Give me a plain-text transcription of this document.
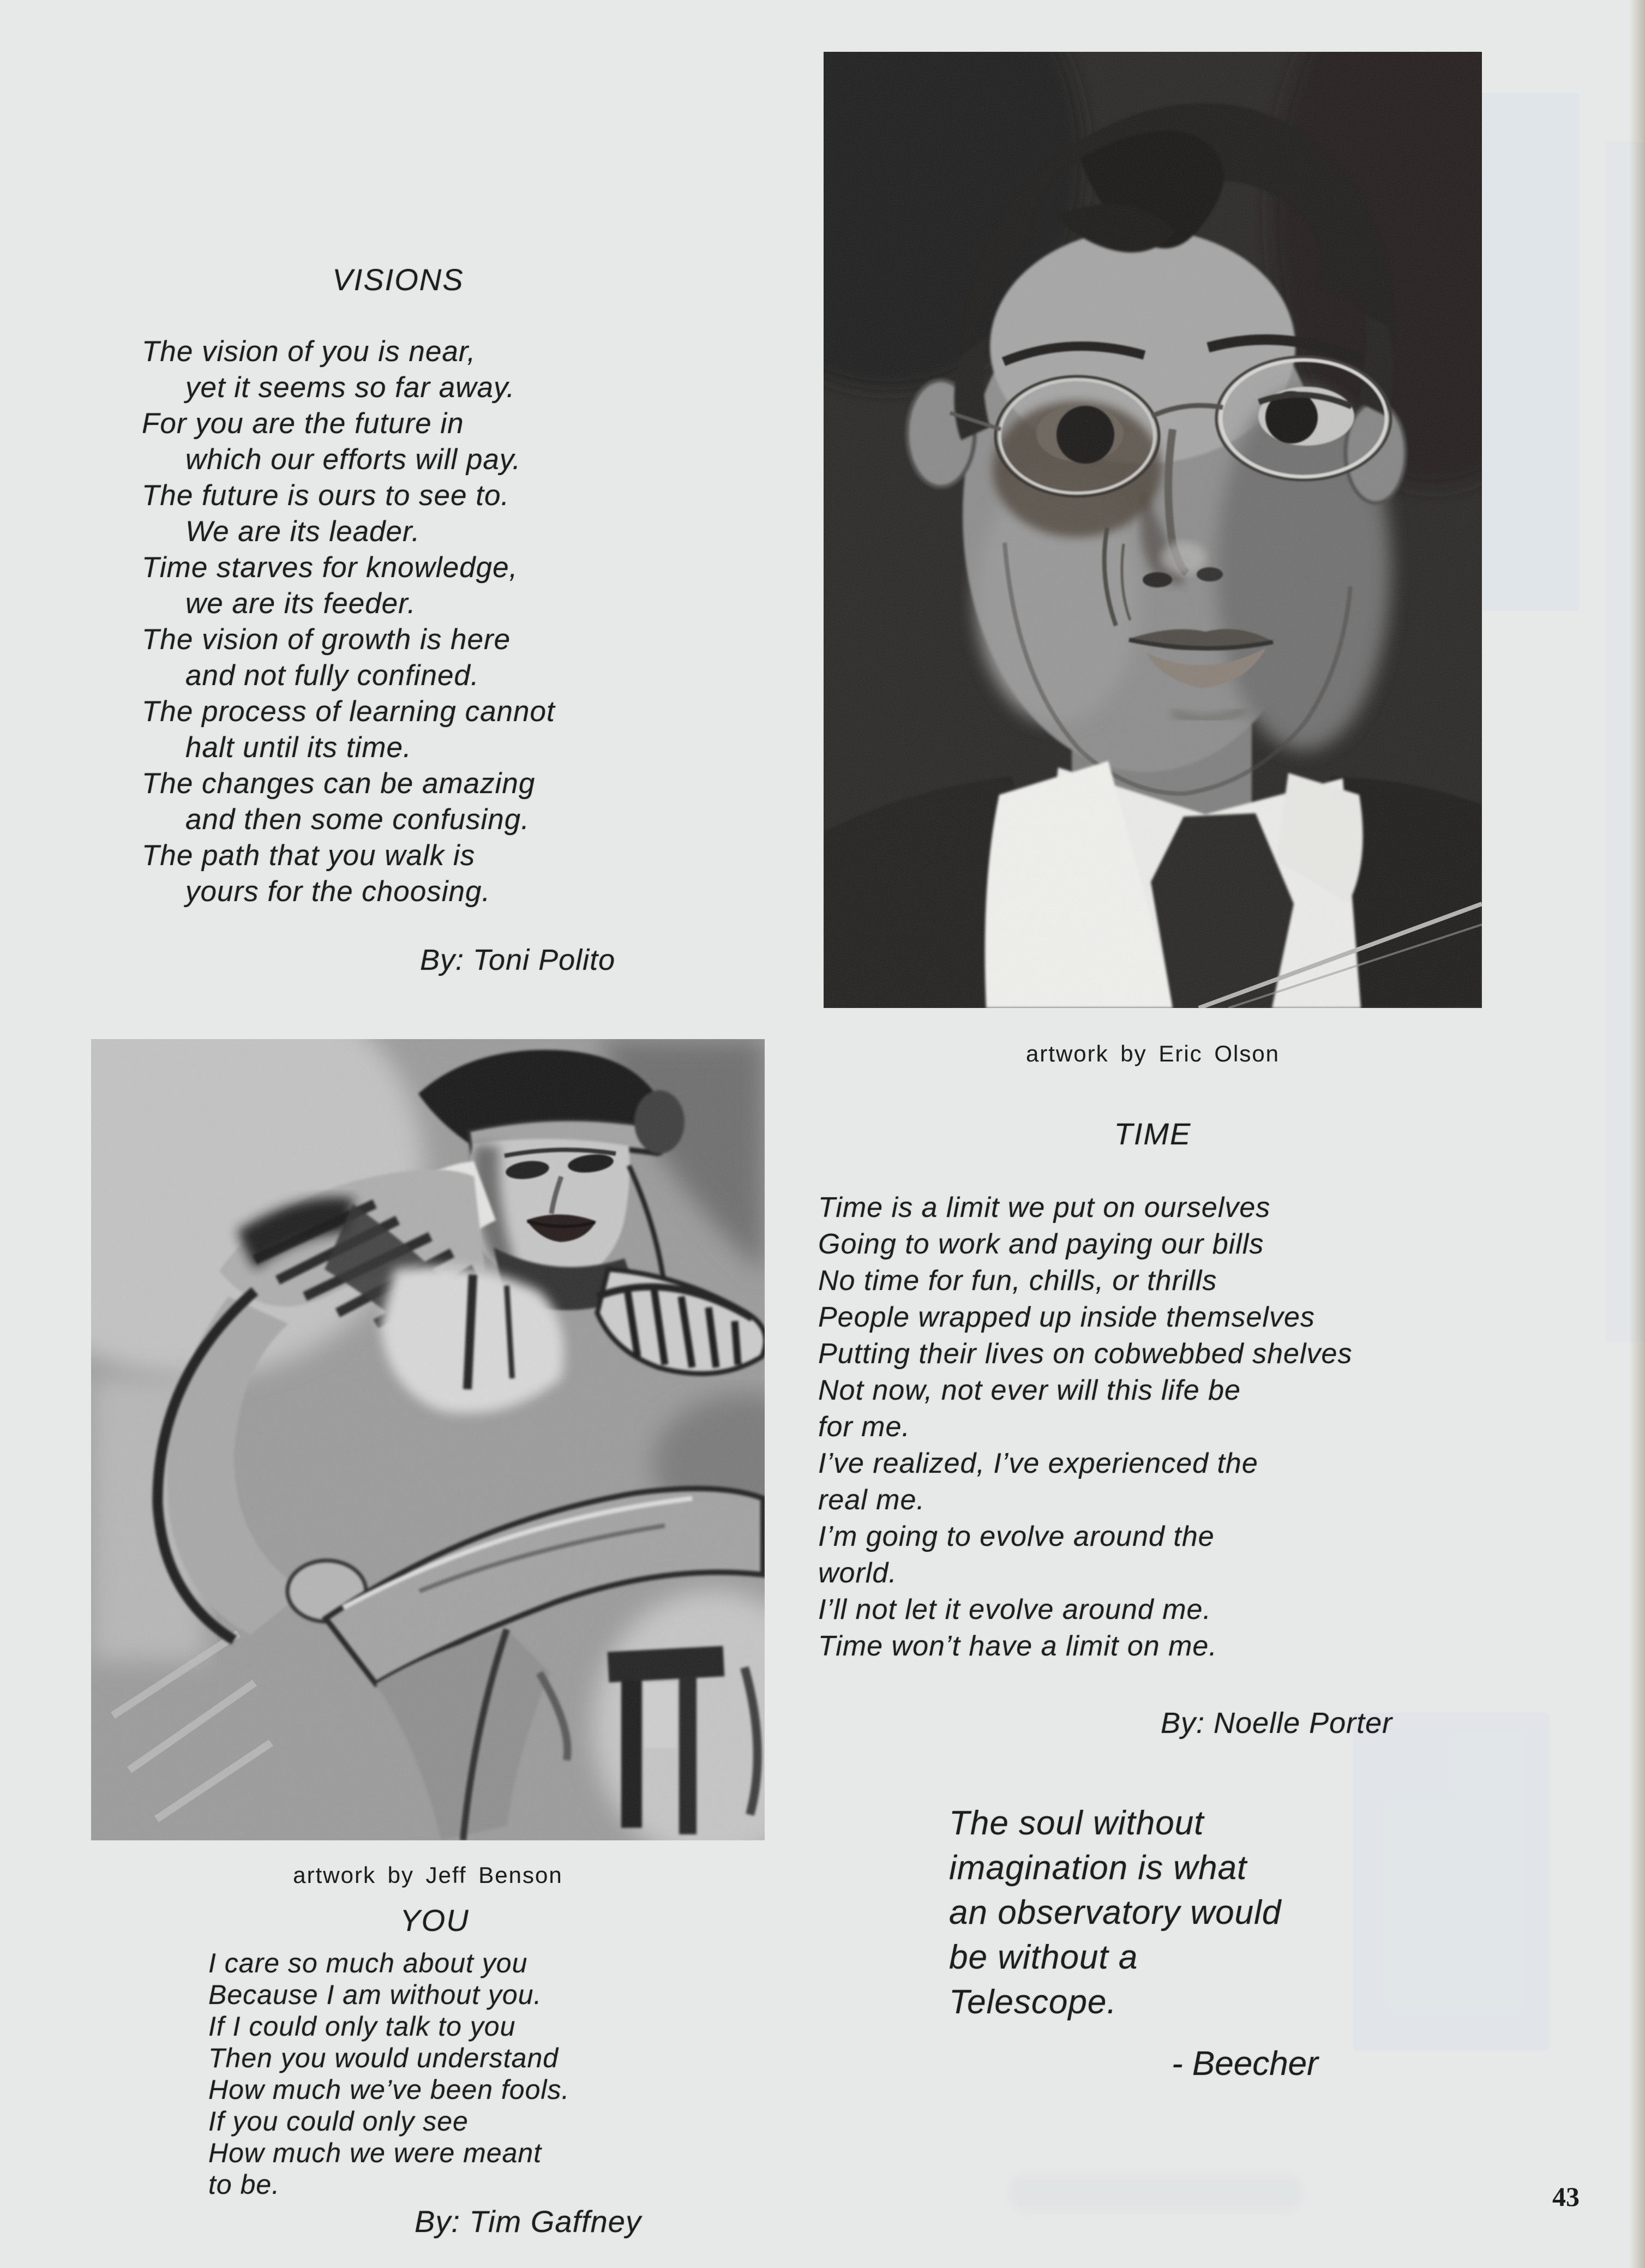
VISIONS
The vision of you is near,
yet it seems so far away.
For you are the future in
which our efforts will pay.
The future is ours to see to.
We are its leader.
Time starves for knowledge,
we are its feeder.
The vision of growth is here
and not fully confined.
The process of learning cannot
halt until its time.
The changes can be amazing
and then some confusing.
The path that you walk is
yours for the choosing.
By: Toni Polito
artwork by Eric Olson
TIME
Time is a limit we put on ourselves
Going to work and paying our bills
No time for fun, chills, or thrills
People wrapped up inside themselves
Putting their lives on cobwebbed shelves
Not now, not ever will this life be
for me.
I’ve realized, I’ve experienced the
real me.
I’m going to evolve around the
world.
I’ll not let it evolve around me.
Time won’t have a limit on me.
By: Noelle Porter
artwork by Jeff Benson
YOU
I care so much about you
Because I am without you.
If I could only talk to you
Then you would understand
How much we’ve been fools.
If you could only see
How much we were meant
to be.
By: Tim Gaffney
The soul without
imagination is what
an observatory would
be without a
Telescope.
- Beecher
43
